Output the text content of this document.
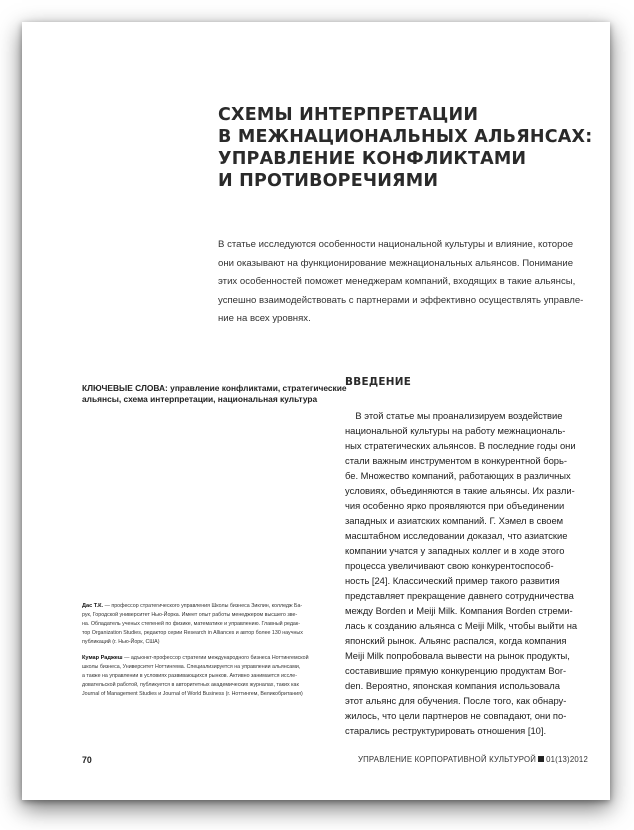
СХЕМЫ ИНТЕРПРЕТАЦИИ
В МЕЖНАЦИОНАЛЬНЫХ АЛЬЯНСАХ:
УПРАВЛЕНИЕ КОНФЛИКТАМИ
И ПРОТИВОРЕЧИЯМИ
В статье исследуются особенности национальной культуры и влияние, которое
они оказывают на функционирование межнациональных альянсов. Понимание
этих особенностей поможет менеджерам компаний, входящих в такие альянсы,
успешно взаимодействовать с партнерами и эффективно осуществлять управле-
ние на всех уровнях.
КЛЮЧЕВЫЕ СЛОВА: управление конфликтами, стратегические
альянсы, схема интерпретации, национальная культура
ВВЕДЕНИЕ
В этой статье мы проанализируем воздействие
национальной культуры на работу межнациональ-
ных стратегических альянсов. В последние годы они
стали важным инструментом в конкурентной борь-
бе. Множество компаний, работающих в различных
условиях, объединяются в такие альянсы. Их разли-
чия особенно ярко проявляются при объединении
западных и азиатских компаний. Г. Хэмел в своем
масштабном исследовании доказал, что азиатские
компании учатся у западных коллег и в ходе этого
процесса увеличивают свою конкурентоспособ-
ность [24]. Классический пример такого развития
представляет прекращение давнего сотрудничества
между Borden и Meiji Milk. Компания Borden стреми-
лась к созданию альянса с Meiji Milk, чтобы выйти на
японский рынок. Альянс распался, когда компания
Meiji Milk попробовала вывести на рынок продукты,
составившие прямую конкуренцию продуктам Bor-
den. Вероятно, японская компания использовала
этот альянс для обучения. После того, как обнару-
жилось, что цели партнеров не совпадают, они по-
старались реструктурировать отношения [10].
Дас Т.К. — профессор стратегического управления Школы бизнеса Зиклин, колледж Ба-
рук, Городской университет Нью-Йорка. Имеет опыт работы менеджером высшего зве-
на. Обладатель ученых степеней по физике, математике и управлению. Главный редак-
тор Organization Studies, редактор серии Research in Alliances и автор более 130 научных
публикаций (г. Нью-Йорк, США)
Кумар Раджеш — адъюнкт-профессор стратегии международного бизнеса Ноттингемской
школы бизнеса, Университет Ноттингема. Специализируется на управлении альянсами,
а также на управлении в условиях развивающихся рынков. Активно занимается иссле-
довательской работой, публикуется в авторитетных академических журналах, таких как
Journal of Management Studies и Journal of World Business (г. Ноттингем, Великобритания)
70	УПРАВЛЕНИЕ КОРПОРАТИВНОЙ КУЛЬТУРОЙ 01(13)2012
